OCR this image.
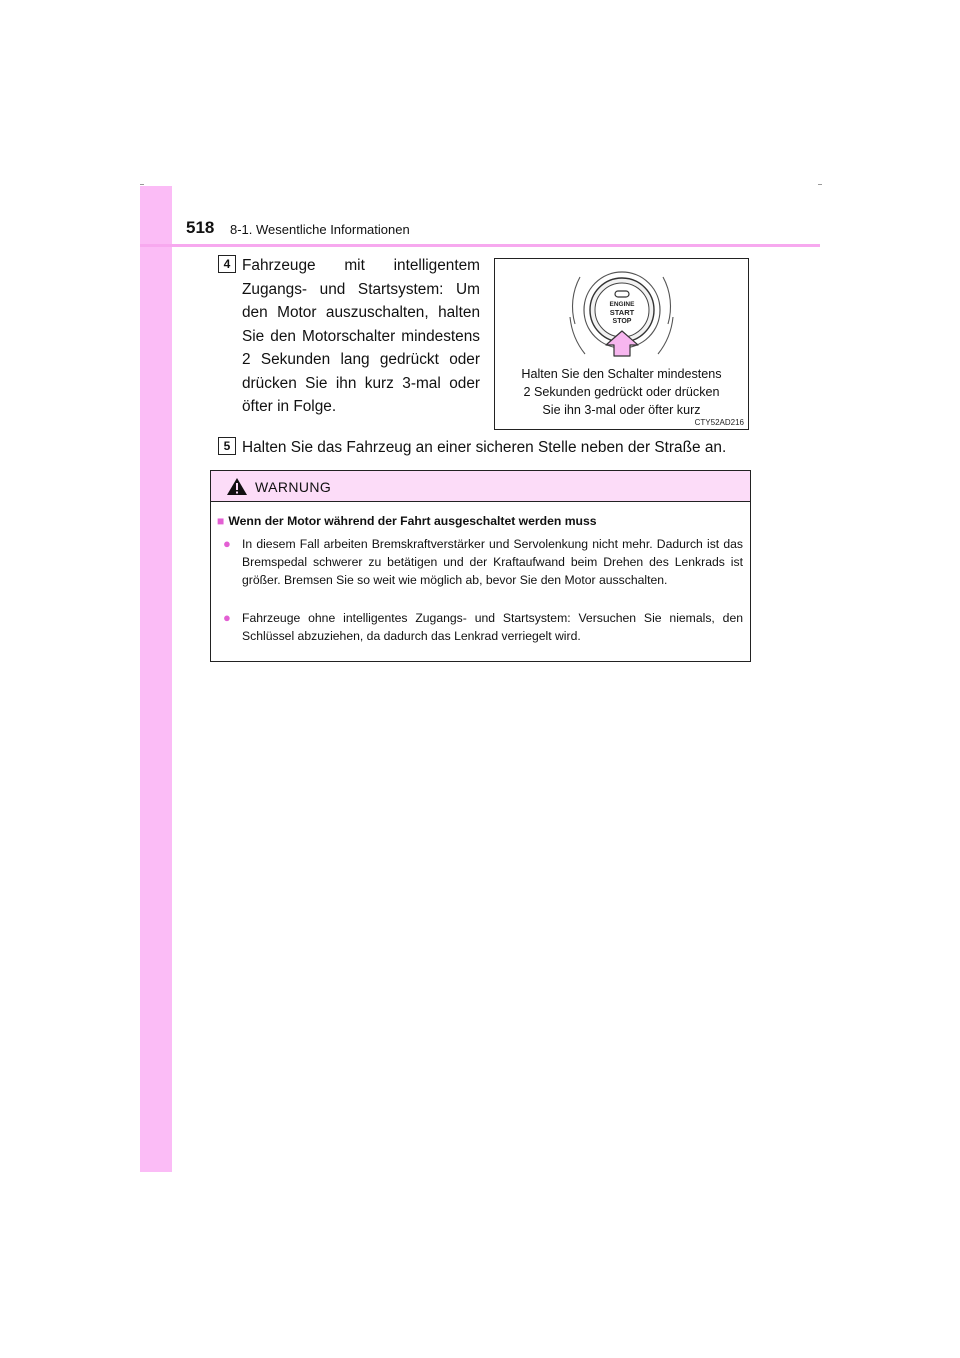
518 8-1. Wesentliche Informationen
4 Fahrzeuge mit intelligentem Zugangs- und Startsystem: Um den Motor auszuschalten, halten Sie den Motorschalter mindestens 2 Sekunden lang gedrückt oder drücken Sie ihn kurz 3-mal oder öfter in Folge.
ENGINE
START
STOP
Halten Sie den Schalter mindestens
2 Sekunden gedrückt oder drücken
Sie ihn 3-mal oder öfter kurz
CTY52AD216
5 Halten Sie das Fahrzeug an einer sicheren Stelle neben der Straße an.
WARNUNG
■ Wenn der Motor während der Fahrt ausgeschaltet werden muss
● In diesem Fall arbeiten Bremskraftverstärker und Servolenkung nicht mehr. Dadurch ist das Bremspedal schwerer zu betätigen und der Kraftaufwand beim Drehen des Lenkrads ist größer. Bremsen Sie so weit wie möglich ab, bevor Sie den Motor ausschalten.
● Fahrzeuge ohne intelligentes Zugangs- und Startsystem: Versuchen Sie niemals, den Schlüssel abzuziehen, da dadurch das Lenkrad verriegelt wird.
